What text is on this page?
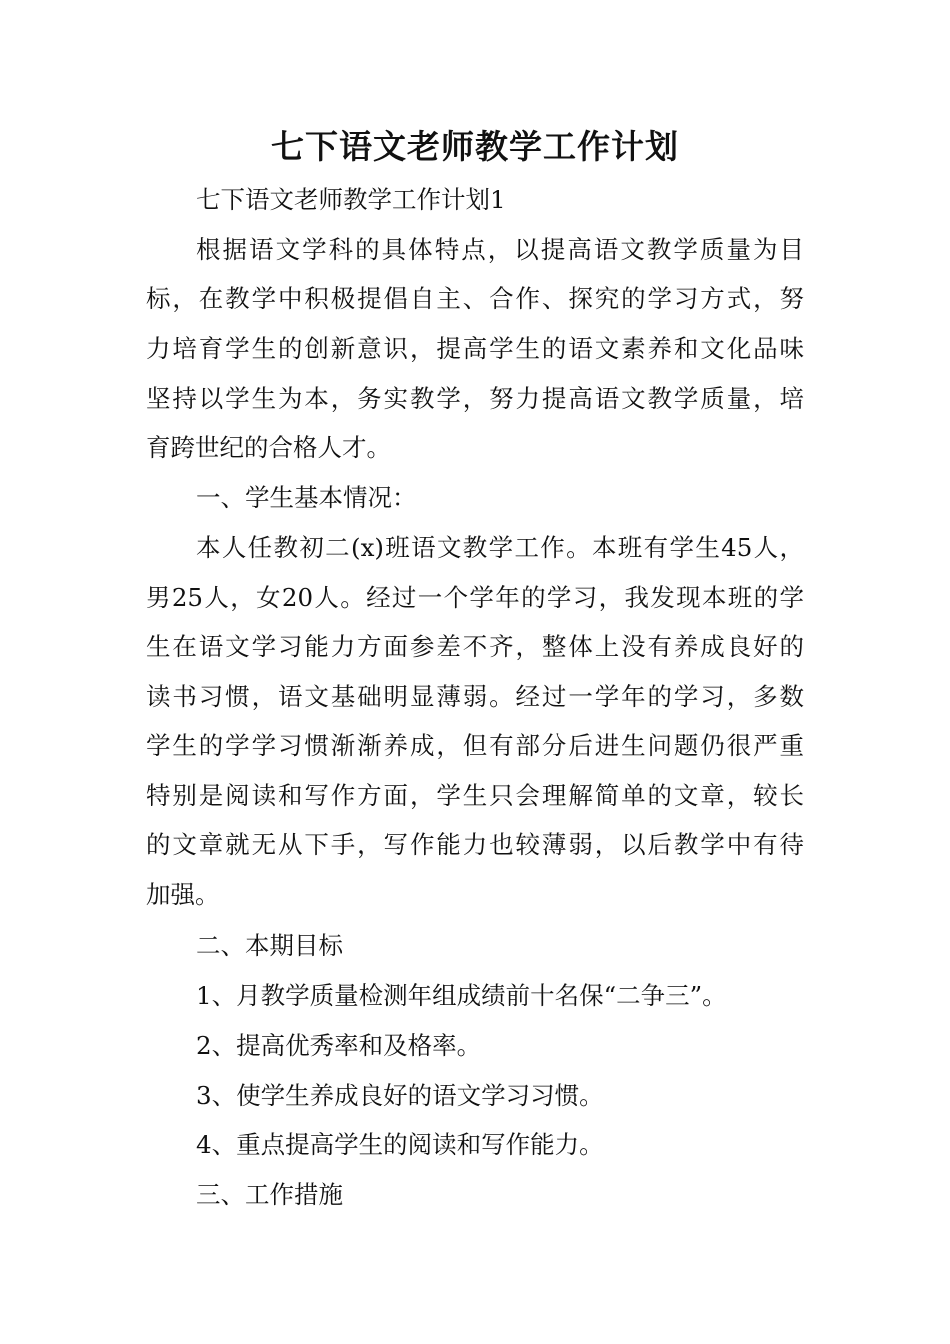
七下语文老师教学工作计划
七下语文老师教学工作计划1
根据语文学科的具体特点，以提高语文教学质量为目
标，在教学中积极提倡自主、合作、探究的学习方式，努
力培育学生的创新意识，提高学生的语文素养和文化品味
坚持以学生为本，务实教学，努力提高语文教学质量，培
育跨世纪的合格人才。
一、学生基本情况：
本人任教初二(x)班语文教学工作。本班有学生45人，
男25人，女20人。经过一个学年的学习，我发现本班的学
生在语文学习能力方面参差不齐，整体上没有养成良好的
读书习惯，语文基础明显薄弱。经过一学年的学习，多数
学生的学学习惯渐渐养成，但有部分后进生问题仍很严重
特别是阅读和写作方面，学生只会理解简单的文章，较长
的文章就无从下手，写作能力也较薄弱，以后教学中有待
加强。
二、本期目标
1、月教学质量检测年组成绩前十名保“二争三”。
2、提高优秀率和及格率。
3、使学生养成良好的语文学习习惯。
4、重点提高学生的阅读和写作能力。
三、工作措施
